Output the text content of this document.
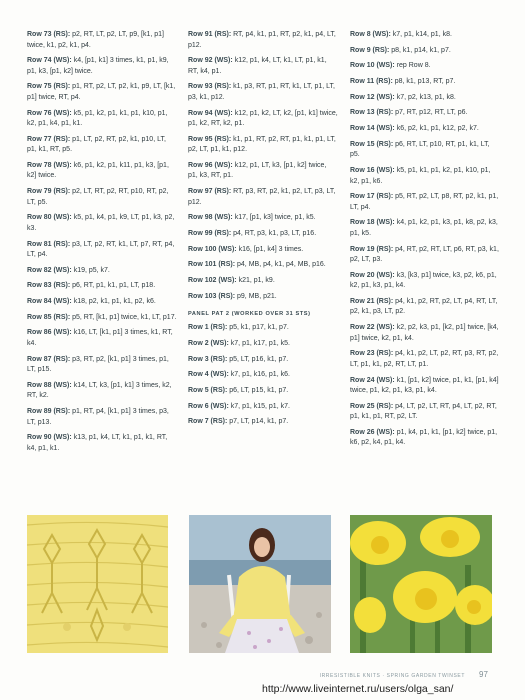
Row 73 (RS): p2, RT, LT, p2, LT, p9, [k1, p1] twice, k1, p2, k1, p4.
Row 74 (WS): k4, [p1, k1] 3 times, k1, p1, k9, p1, k3, [p1, k2] twice.
Row 75 (RS): p1, RT, p2, LT, p2, k1, p9, LT, [k1, p1] twice, RT, p4.
Row 76 (WS): k5, p1, k2, p1, k1, p1, k10, p1, k2, p1, k4, p1, k1.
Row 77 (RS): p1, LT, p2, RT, p2, k1, p10, LT, p1, k1, RT, p5.
Row 78 (WS): k6, p1, k2, p1, k11, p1, k3, [p1, k2] twice.
Row 79 (RS): p2, LT, RT, p2, RT, p10, RT, p2, LT, p5.
Row 80 (WS): k5, p1, k4, p1, k9, LT, p1, k3, p2, k3.
Row 81 (RS): p3, LT, p2, RT, k1, LT, p7, RT, p4, LT, p4.
Row 82 (WS): k19, p5, k7.
Row 83 (RS): p6, RT, p1, k1, p1, LT, p18.
Row 84 (WS): k18, p2, k1, p1, k1, p2, k6.
Row 85 (RS): p5, RT, [k1, p1] twice, k1, LT, p17.
Row 86 (WS): k16, LT, [k1, p1] 3 times, k1, RT, k4.
Row 87 (RS): p3, RT, p2, [k1, p1] 3 times, p1, LT, p15.
Row 88 (WS): k14, LT, k3, [p1, k1] 3 times, k2, RT, k2.
Row 89 (RS): p1, RT, p4, [k1, p1] 3 times, p3, LT, p13.
Row 90 (WS): k13, p1, k4, LT, k1, p1, k1, RT, k4, p1, k1.
Row 91 (RS): RT, p4, k1, p1, RT, p2, k1, p4, LT, p12.
Row 92 (WS): k12, p1, k4, LT, k1, LT, p1, k1, RT, k4, p1.
Row 93 (RS): k1, p3, RT, p1, RT, k1, LT, p1, LT, p3, k1, p12.
Row 94 (WS): k12, p1, k2, LT, k2, [p1, k1] twice, p1, k2, RT, k2, p1.
Row 95 (RS): k1, p1, RT, p2, RT, p1, k1, p1, LT, p2, LT, p1, k1, p12.
Row 96 (WS): k12, p1, LT, k3, [p1, k2] twice, p1, k3, RT, p1.
Row 97 (RS): RT, p3, RT, p2, k1, p2, LT, p3, LT, p12.
Row 98 (WS): k17, [p1, k3] twice, p1, k5.
Row 99 (RS): p4, RT, p3, k1, p3, LT, p16.
Row 100 (WS): k16, [p1, k4] 3 times.
Row 101 (RS): p4, MB, p4, k1, p4, MB, p16.
Row 102 (WS): k21, p1, k9.
Row 103 (RS): p9, MB, p21.
PANEL PAT 2 (WORKED OVER 31 STS)
Row 1 (RS): p5, k1, p17, k1, p7.
Row 2 (WS): k7, p1, k17, p1, k5.
Row 3 (RS): p5, LT, p16, k1, p7.
Row 4 (WS): k7, p1, k16, p1, k6.
Row 5 (RS): p6, LT, p15, k1, p7.
Row 6 (WS): k7, p1, k15, p1, k7.
Row 7 (RS): p7, LT, p14, k1, p7.
Row 8 (WS): k7, p1, k14, p1, k8.
Row 9 (RS): p8, k1, p14, k1, p7.
Row 10 (WS): rep Row 8.
Row 11 (RS): p8, k1, p13, RT, p7.
Row 12 (WS): k7, p2, k13, p1, k8.
Row 13 (RS): p7, RT, p12, RT, LT, p6.
Row 14 (WS): k6, p2, k1, p1, k12, p2, k7.
Row 15 (RS): p6, RT, LT, p10, RT, p1, k1, LT, p5.
Row 16 (WS): k5, p1, k1, p1, k2, p1, k10, p1, k2, p1, k6.
Row 17 (RS): p5, RT, p2, LT, p8, RT, p2, k1, p1, LT, p4.
Row 18 (WS): k4, p1, k2, p1, k3, p1, k8, p2, k3, p1, k5.
Row 19 (RS): p4, RT, p2, RT, LT, p6, RT, p3, k1, p2, LT, p3.
Row 20 (WS): k3, [k3, p1] twice, k3, p2, k6, p1, k2, p1, k3, p1, k4.
Row 21 (RS): p4, k1, p2, RT, p2, LT, p4, RT, LT, p2, k1, p3, LT, p2.
Row 22 (WS): k2, p2, k3, p1, [k2, p1] twice, [k4, p1] twice, k2, p1, k4.
Row 23 (RS): p4, k1, p2, LT, p2, RT, p3, RT, p2, LT, p1, k1, p2, RT, LT, p1.
Row 24 (WS): k1, [p1, k2] twice, p1, k1, [p1, k4] twice, p1, k2, p1, k3, p1, k4.
Row 25 (RS): p4, LT, p2, LT, RT, p4, LT, p2, RT, p1, k1, p1, RT, p2, LT.
Row 26 (WS): p1, k4, p1, k1, [p1, k2] twice, p1, k6, p2, k4, p1, k4.
IRRESISTIBLE KNITS · SPRING GARDEN TWINSET 97
http://www.liveinternet.ru/users/olga_san/
